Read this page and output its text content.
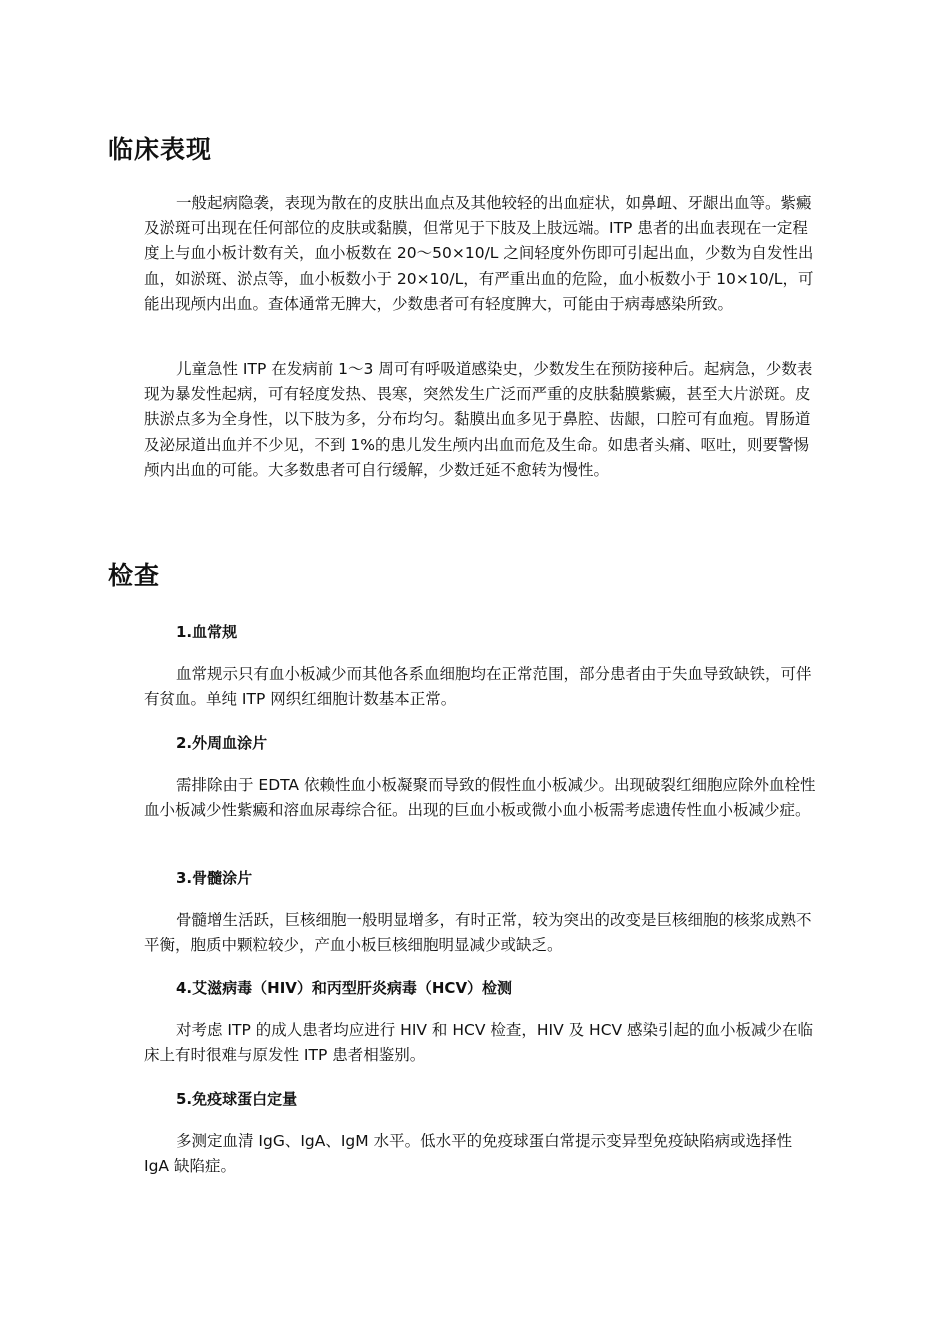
临床表现

一般起病隐袭，表现为散在的皮肤出血点及其他较轻的出血症状，如鼻衄、牙龈出血等。紫癜及淤斑可出现在任何部位的皮肤或黏膜，但常见于下肢及上肢远端。ITP 患者的出血表现在一定程度上与血小板计数有关，血小板数在 20～50×10/L 之间轻度外伤即可引起出血，少数为自发性出血，如淤斑、淤点等，血小板数小于 20×10/L，有严重出血的危险，血小板数小于 10×10/L，可能出现颅内出血。查体通常无脾大，少数患者可有轻度脾大，可能由于病毒感染所致。

儿童急性 ITP 在发病前 1～3 周可有呼吸道感染史，少数发生在预防接种后。起病急，少数表现为暴发性起病，可有轻度发热、畏寒，突然发生广泛而严重的皮肤黏膜紫癜，甚至大片淤斑。皮肤淤点多为全身性，以下肢为多，分布均匀。黏膜出血多见于鼻腔、齿龈，口腔可有血疱。胃肠道及泌尿道出血并不少见，不到 1%的患儿发生颅内出血而危及生命。如患者头痛、呕吐，则要警惕颅内出血的可能。大多数患者可自行缓解，少数迁延不愈转为慢性。

检查
1.血常规

血常规示只有血小板减少而其他各系血细胞均在正常范围，部分患者由于失血导致缺铁，可伴有贫血。单纯 ITP 网织红细胞计数基本正常。

2.外周血涂片

需排除由于 EDTA 依赖性血小板凝聚而导致的假性血小板减少。出现破裂红细胞应除外血栓性血小板减少性紫癜和溶血尿毒综合征。出现的巨血小板或微小血小板需考虑遗传性血小板减少症。

3.骨髓涂片

骨髓增生活跃，巨核细胞一般明显增多，有时正常，较为突出的改变是巨核细胞的核浆成熟不平衡，胞质中颗粒较少，产血小板巨核细胞明显减少或缺乏。

4.艾滋病毒（HIV）和丙型肝炎病毒（HCV）检测

对考虑 ITP 的成人患者均应进行 HIV 和 HCV 检查，HIV 及 HCV 感染引起的血小板减少在临床上有时很难与原发性 ITP 患者相鉴别。

5.免疫球蛋白定量

多测定血清 IgG、IgA、IgM 水平。低水平的免疫球蛋白常提示变异型免疫缺陷病或选择性 IgA 缺陷症。
